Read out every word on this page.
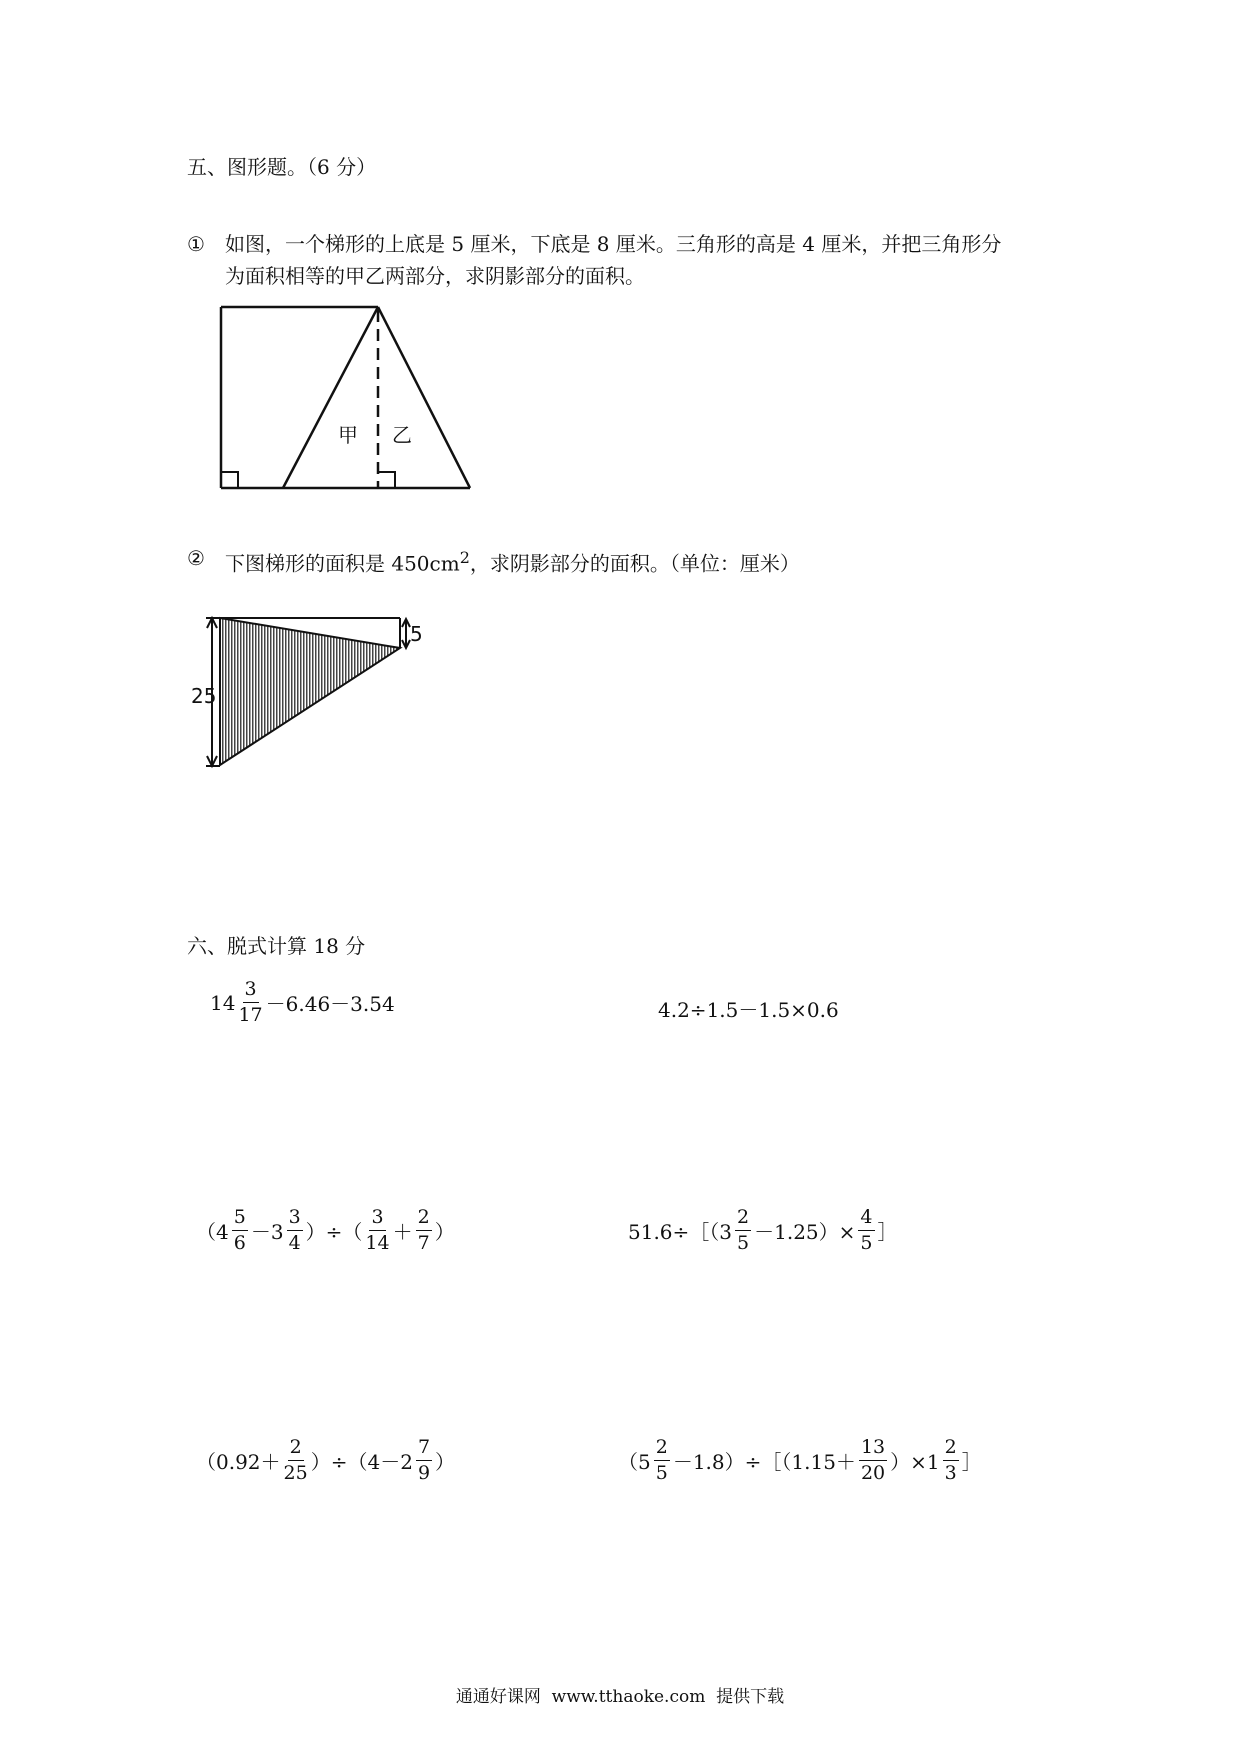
五、图形题。（6 分）
① 如图，一个梯形的上底是 5 厘米，下底是 8 厘米。三角形的高是 4 厘米，并把三角形分
为面积相等的甲乙两部分，求阴影部分的面积。
甲 乙
② 下图梯形的面积是 $450cm^2$，求阴影部分的面积。（单位：厘米）
25
5
六、脱式计算 18 分
$14 \frac{3}{17} -6.46-3.54$	4.2÷1.5－1.5×0.6
（$4 \frac{5}{6} -3 \frac{3}{4}$ ）÷（ $\frac{3}{14} + \frac{2}{7}$ ）	51.6÷［（3 $\frac{2}{5} -1.25)\times \frac{4}{5}$ ］
$(0.92+ \frac{2}{25} )\div(4-2 \frac{7}{9}$ ）	（$5 \frac{2}{5}$ －1.8）÷［（1.15＋ $\frac{13}{20} )\times 1 \frac{2}{3}$ ］
通通好课网  www.tthaoke.com  提供下载
